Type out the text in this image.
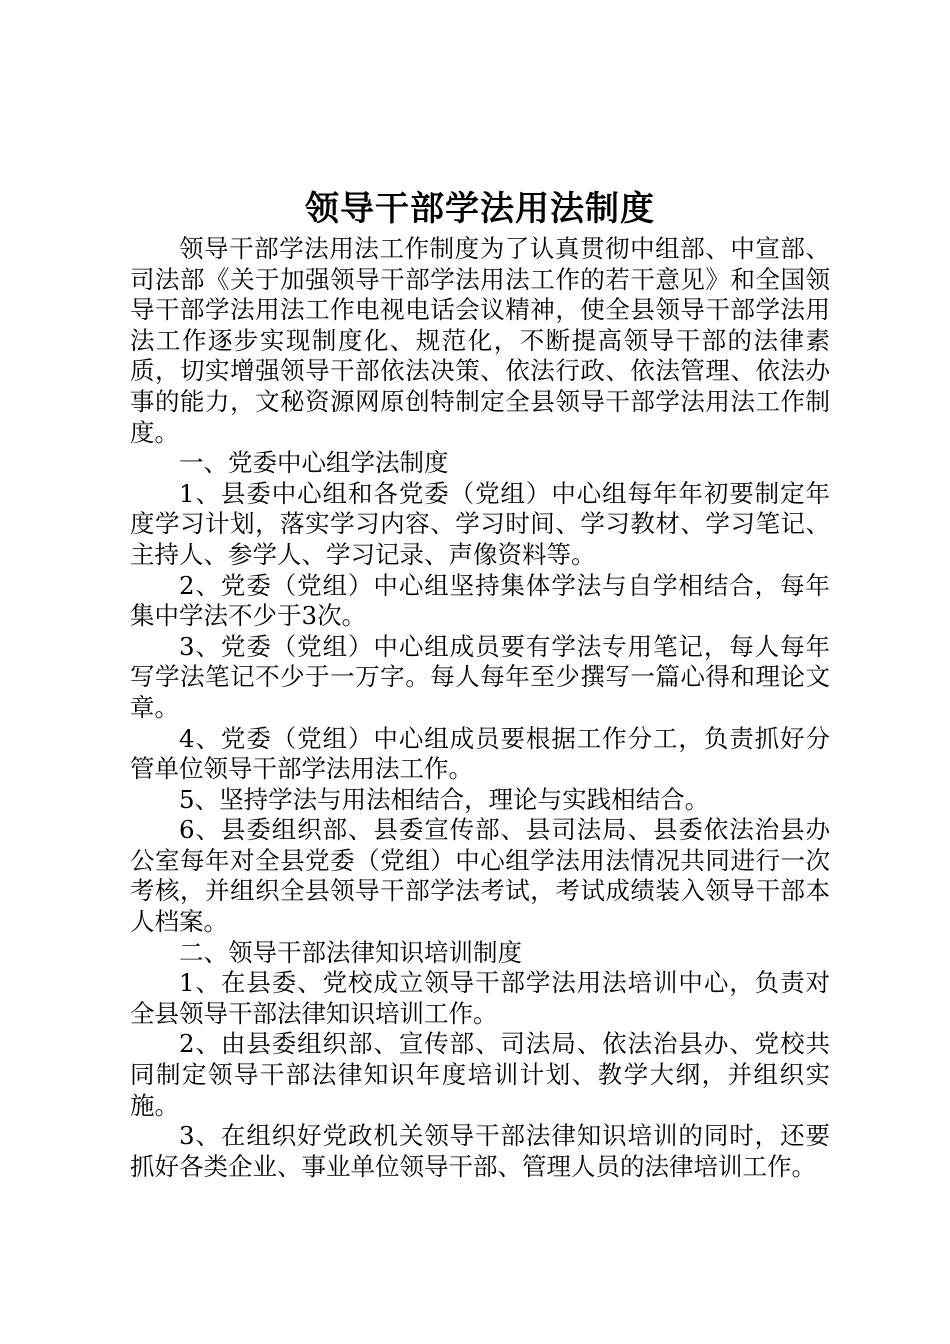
领导干部学法用法制度

领导干部学法用法工作制度为了认真贯彻中组部、中宣部、司法部《关于加强领导干部学法用法工作的若干意见》和全国领导干部学法用法工作电视电话会议精神，使全县领导干部学法用法工作逐步实现制度化、规范化，不断提高领导干部的法律素质，切实增强领导干部依法决策、依法行政、依法管理、依法办事的能力，文秘资源网原创特制定全县领导干部学法用法工作制度。

一、党委中心组学法制度

1、县委中心组和各党委（党组）中心组每年年初要制定年度学习计划，落实学习内容、学习时间、学习教材、学习笔记、主持人、参学人、学习记录、声像资料等。

2、党委（党组）中心组坚持集体学法与自学相结合，每年集中学法不少于3次。

3、党委（党组）中心组成员要有学法专用笔记，每人每年写学法笔记不少于一万字。每人每年至少撰写一篇心得和理论文章。

4、党委（党组）中心组成员要根据工作分工，负责抓好分管单位领导干部学法用法工作。

5、坚持学法与用法相结合，理论与实践相结合。

6、县委组织部、县委宣传部、县司法局、县委依法治县办公室每年对全县党委（党组）中心组学法用法情况共同进行一次考核，并组织全县领导干部学法考试，考试成绩装入领导干部本人档案。

二、领导干部法律知识培训制度

1、在县委、党校成立领导干部学法用法培训中心，负责对全县领导干部法律知识培训工作。

2、由县委组织部、宣传部、司法局、依法治县办、党校共同制定领导干部法律知识年度培训计划、教学大纲，并组织实施。

3、在组织好党政机关领导干部法律知识培训的同时，还要抓好各类企业、事业单位领导干部、管理人员的法律培训工作。
